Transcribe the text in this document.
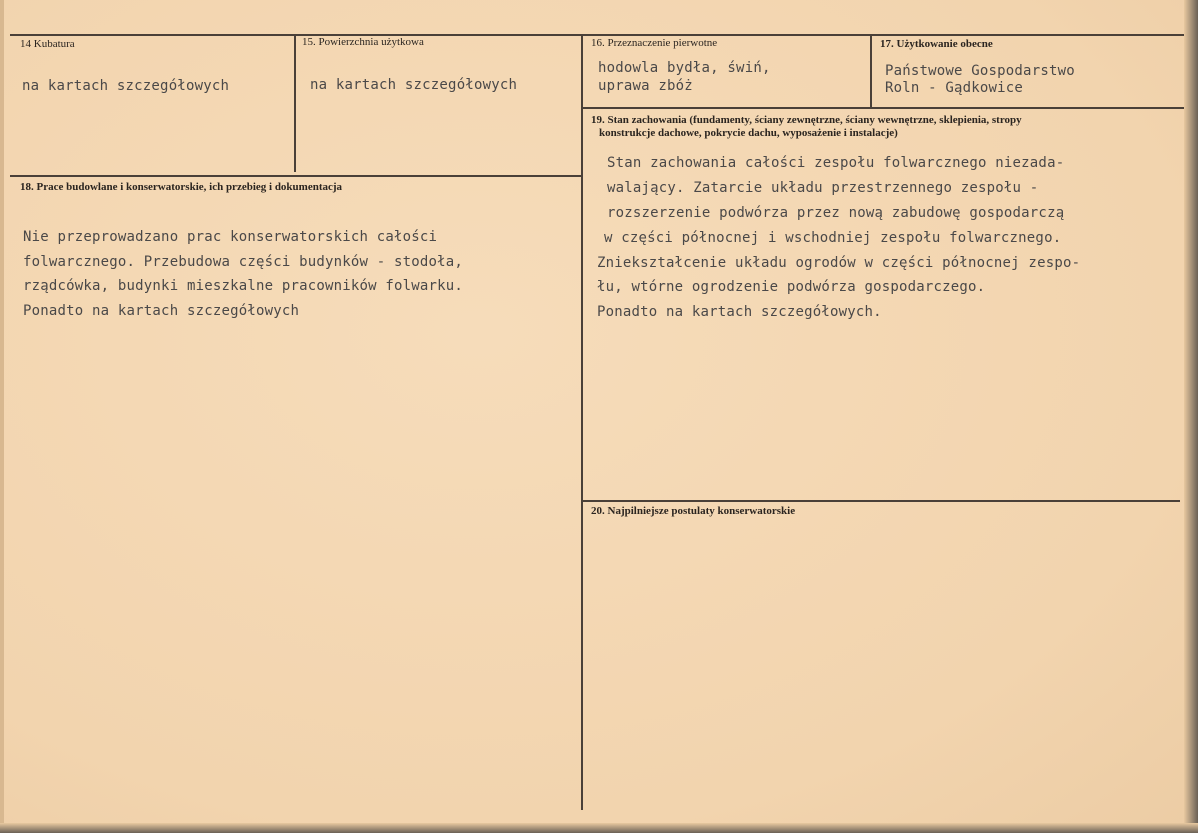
14 Kubatura
na kartach szczegółowych
15. Powierzchnia użytkowa
na kartach szczegółowych
16. Przeznaczenie pierwotne
hodowla bydła, świń,
uprawa zbóż
17. Użytkowanie obecne
Państwowe Gospodarstwo
Roln - Gądkowice
18. Prace budowlane i konserwatorskie, ich przebieg i dokumentacja
Nie przeprowadzano prac konserwatorskich całości
folwarcznego. Przebudowa części budynków - stodoła,
rządcówka, budynki mieszkalne pracowników folwarku.
Ponadto na kartach szczegółowych
19. Stan zachowania (fundamenty, ściany zewnętrzne, ściany wewnętrzne, sklepienia, stropy
konstrukcje dachowe, pokrycie dachu, wyposażenie i instalacje)
Stan zachowania całości zespołu folwarcznego niezada-
walający. Zatarcie układu przestrzennego zespołu -
rozszerzenie podwórza przez nową zabudowę gospodarczą
w części północnej i wschodniej zespołu folwarcznego.
Zniekształcenie układu ogrodów w części północnej zespo-
łu, wtórne ogrodzenie podwórza gospodarczego.
Ponadto na kartach szczegółowych.
20. Najpilniejsze postulaty konserwatorskie
